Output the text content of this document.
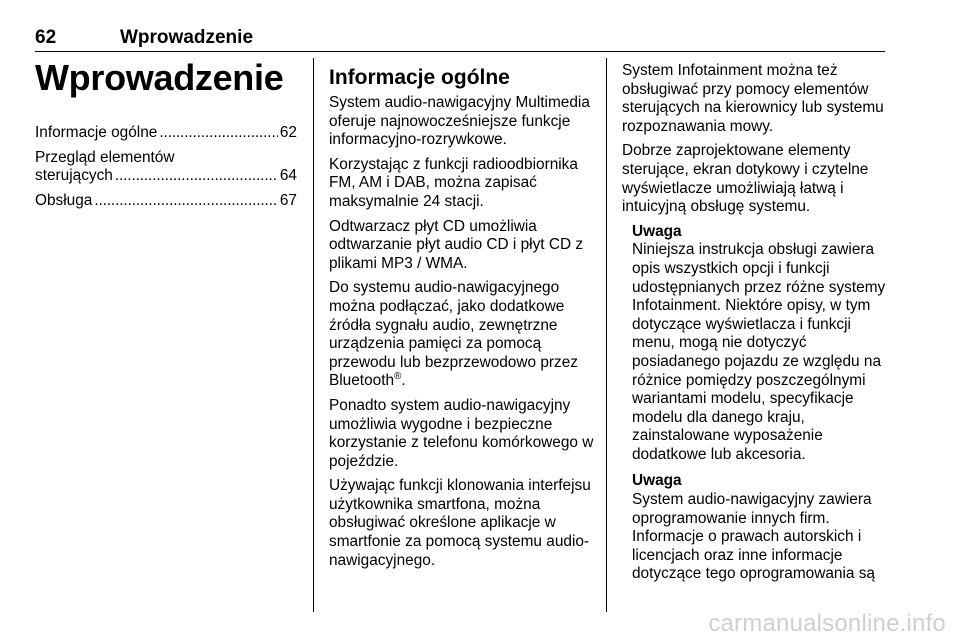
62	Wprowadzenie
Wprowadzenie
Informacje ogólne . . .	62
Przegląd elementów
sterujących . . .	64
Obsługa . . .	67
Informacje ogólne

System audio-nawigacyjny Multimedia oferuje najnowocześniejsze funkcje informacyjno-rozrywkowe.

Korzystając z funkcji radioodbiornika FM, AM i DAB, można zapisać maksymalnie 24 stacji.

Odtwarzacz płyt CD umożliwia odtwarzanie płyt audio CD i płyt CD z plikami MP3 / WMA.

Do systemu audio-nawigacyjnego można podłączać, jako dodatkowe źródła sygnału audio, zewnętrzne urządzenia pamięci za pomocą przewodu lub bezprzewodowo przez Bluetooth®.

Ponadto system audio-nawigacyjny umożliwia wygodne i bezpieczne korzystanie z telefonu komórkowego w pojeździe.

Używając funkcji klonowania interfejsu użytkownika smartfona, można obsługiwać określone aplikacje w smartfonie za pomocą systemu audio-nawigacyjnego.

System Infotainment można też obsługiwać przy pomocy elementów sterujących na kierownicy lub systemu rozpoznawania mowy.

Dobrze zaprojektowane elementy sterujące, ekran dotykowy i czytelne wyświetlacze umożliwiają łatwą i intuicyjną obsługę systemu.

Uwaga
Niniejsza instrukcja obsługi zawiera opis wszystkich opcji i funkcji udostępnianych przez różne systemy Infotainment. Niektóre opisy, w tym dotyczące wyświetlacza i funkcji menu, mogą nie dotyczyć posiadanego pojazdu ze względu na różnice pomiędzy poszczególnymi wariantami modelu, specyfikacje modelu dla danego kraju, zainstalowane wyposażenie dodatkowe lub akcesoria.
Uwaga
System audio-nawigacyjny zawiera oprogramowanie innych firm. Informacje o prawach autorskich i licencjach oraz inne informacje dotyczące tego oprogramowania są
carmanualsonline.info
